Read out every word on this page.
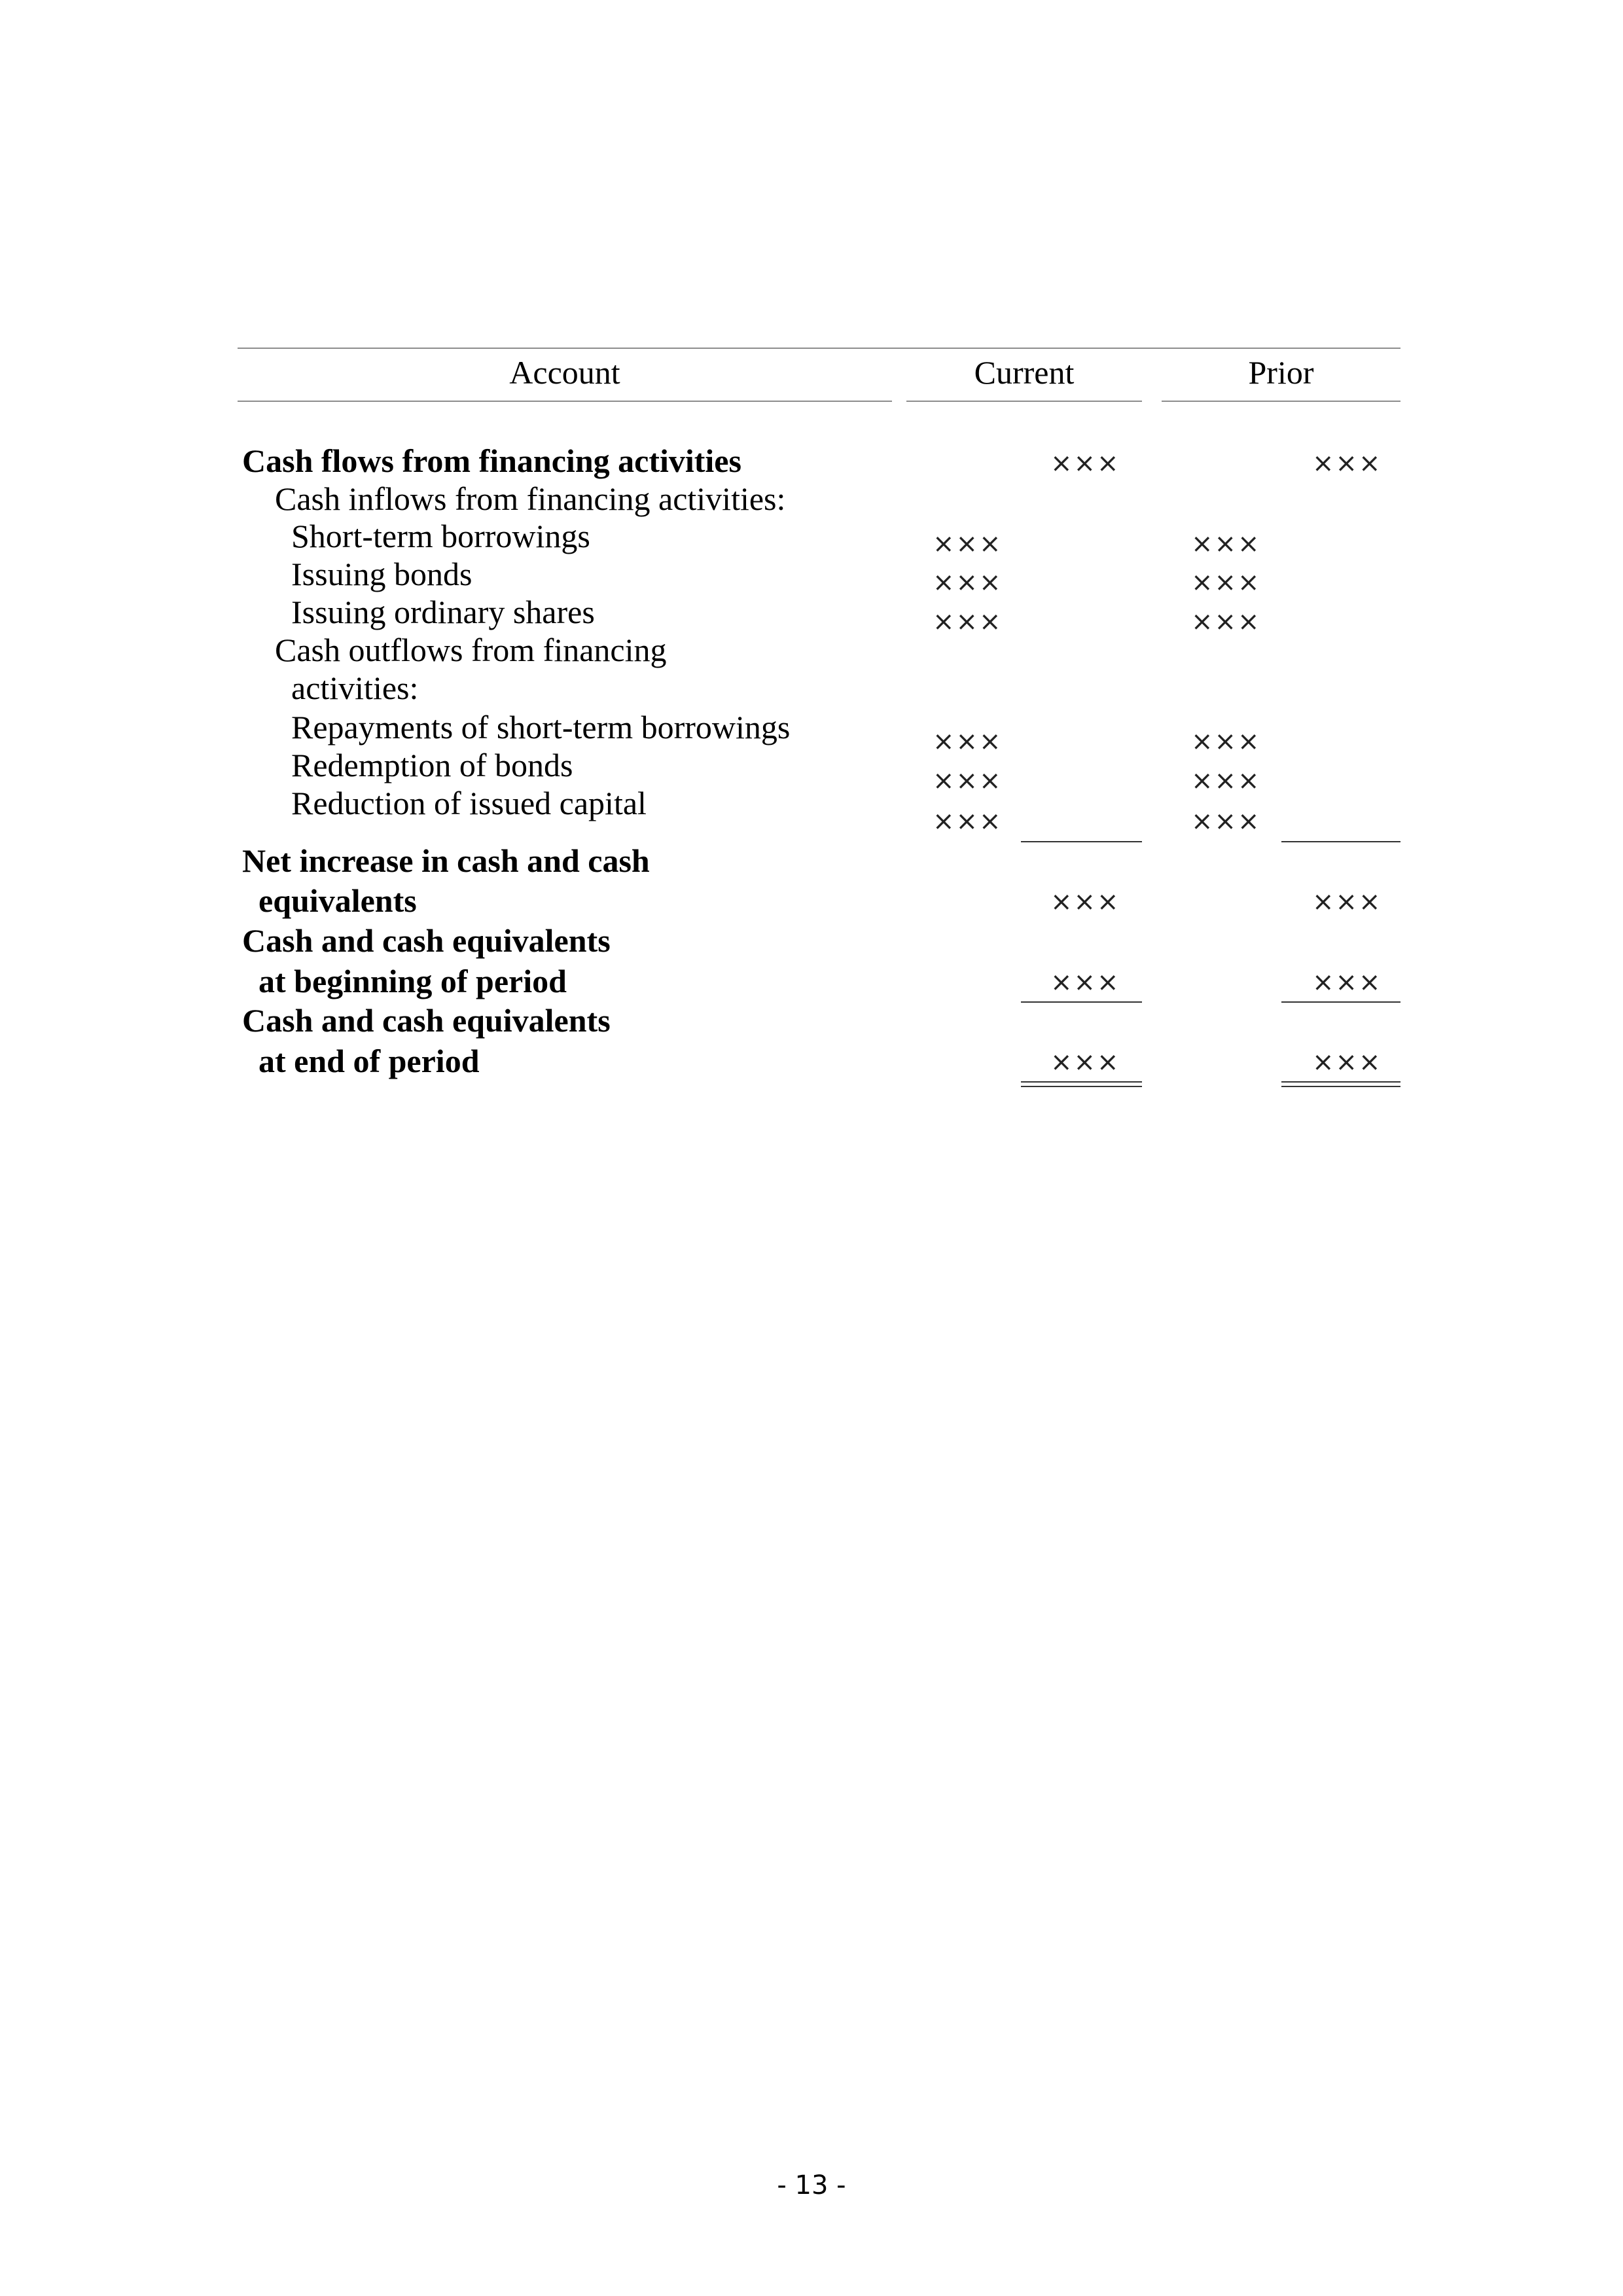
Account	Current	Prior
Cash flows from financing activities	×××	×××
Cash inflows from financing activities:
Short-term borrowings	×××	×××
Issuing bonds	×××	×××
Issuing ordinary shares	×××	×××
Cash outflows from financing
activities:
Repayments of short-term borrowings	×××	×××
Redemption of bonds	×××	×××
Reduction of issued capital	×××	×××
Net increase in cash and cash
equivalents	×××	×××
Cash and cash equivalents
at beginning of period	×××	×××
Cash and cash equivalents
at end of period	×××	×××
- 13 -
